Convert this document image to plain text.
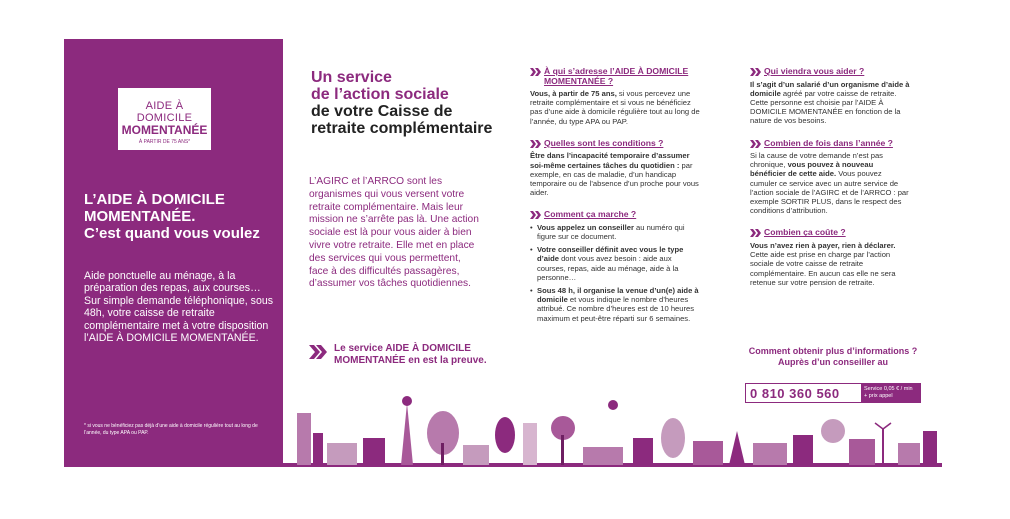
AIDE À DOMICILE
MOMENTANÉE
À PARTIR DE 75 ANS*
L’AIDE À DOMICILE
MOMENTANÉE.
C’est quand vous voulez
Aide ponctuelle au ménage, à la préparation des repas, aux courses… Sur simple demande téléphonique, sous 48h, votre caisse de retraite complémentaire met à votre disposition l’AIDE À DOMICILE MOMENTANÉE.
* si vous ne bénéficiez pas déjà d’une aide à domicile régulière tout au long de l’année, du type APA ou PAP.
Un service
de l’action sociale
de votre Caisse de
retraite complémentaire
L’AGIRC et l’ARRCO sont les organismes qui vous versent votre retraite complémentaire. Mais leur mission ne s’arrête pas là. Une action sociale est là pour vous aider à bien vivre votre retraite. Elle met en place des services qui vous permettent, face à des difficultés passagères, d’assumer vos tâches quotidiennes.
Le service AIDE À DOMICILE MOMENTANÉE en est la preuve.
À qui s’adresse l’AIDE À DOMICILE MOMENTANÉE ?
Vous, à partir de 75 ans, si vous percevez une retraite complémentaire et si vous ne bénéficiez pas d’une aide à domicile régulière tout au long de l’année, du type APA ou PAP.
Quelles sont les conditions ?
Être dans l’incapacité temporaire d’assumer soi-même certaines tâches du quotidien : par exemple, en cas de maladie, d’un handicap temporaire ou de l’absence d’un proche pour vous aider.
Comment ça marche ?
• Vous appelez un conseiller au numéro qui figure sur ce document.
• Votre conseiller définit avec vous le type d’aide dont vous avez besoin : aide aux courses, repas, aide au ménage, aide à la personne…
• Sous 48 h, il organise la venue d’un(e) aide à domicile et vous indique le nombre d’heures attribué. Ce nombre d’heures est de 10 heures maximum et peut-être réparti sur 6 semaines.
Qui viendra vous aider ?
Il s’agit d’un salarié d’un organisme d’aide à domicile agréé par votre caisse de retraite. Cette personne est choisie par l’AIDE À DOMICILE MOMENTANÉE en fonction de la nature de vos besoins.
Combien de fois dans l’année ?
Si la cause de votre demande n’est pas chronique, vous pouvez à nouveau bénéficier de cette aide. Vous pouvez cumuler ce service avec un autre service de l’action sociale de l’AGIRC et de l’ARRCO : par exemple SORTIR PLUS, dans le respect des conditions d’attribution.
Combien ça coûte ?
Vous n’avez rien à payer, rien à déclarer. Cette aide est prise en charge par l’action sociale de votre caisse de retraite complémentaire. En aucun cas elle ne sera retenue sur votre pension de retraite.
Comment obtenir plus d’informations ?
Auprès d’un conseiller au
0 810 360 560	Service 0,05 € / min
+ prix appel
